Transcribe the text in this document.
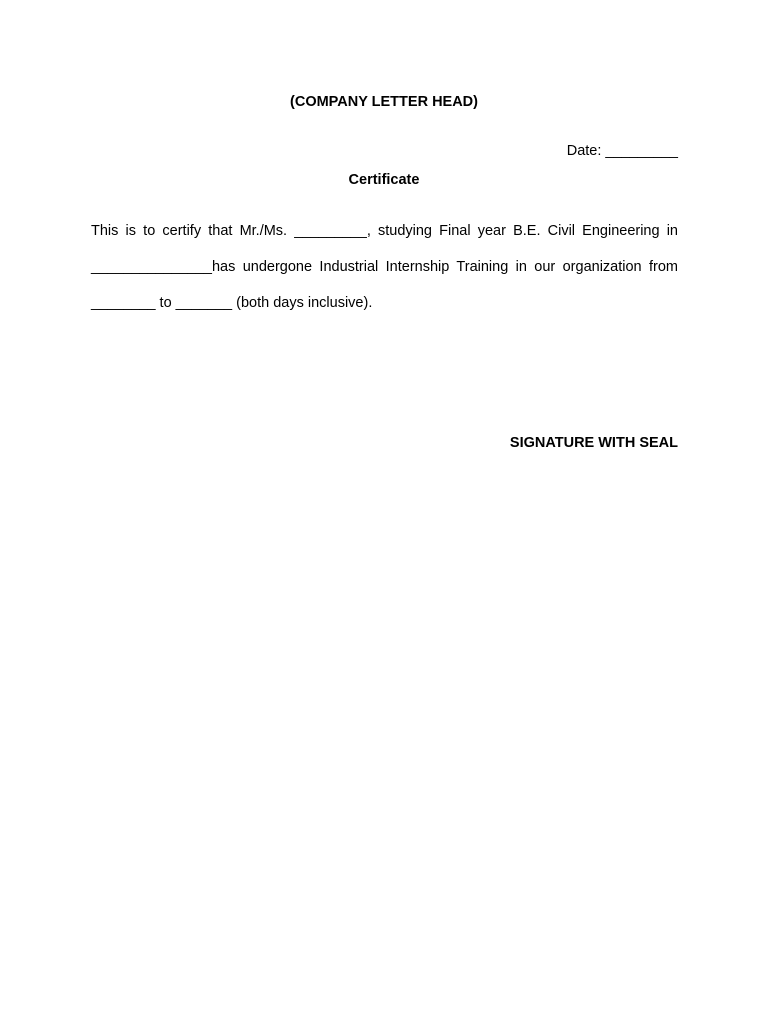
(COMPANY LETTER HEAD)
Date: _________
Certificate
This is to certify that Mr./Ms. _________, studying Final year B.E. Civil Engineering in
_______________has undergone Industrial Internship Training in our organization from
________ to _______ (both days inclusive).
SIGNATURE WITH SEAL
